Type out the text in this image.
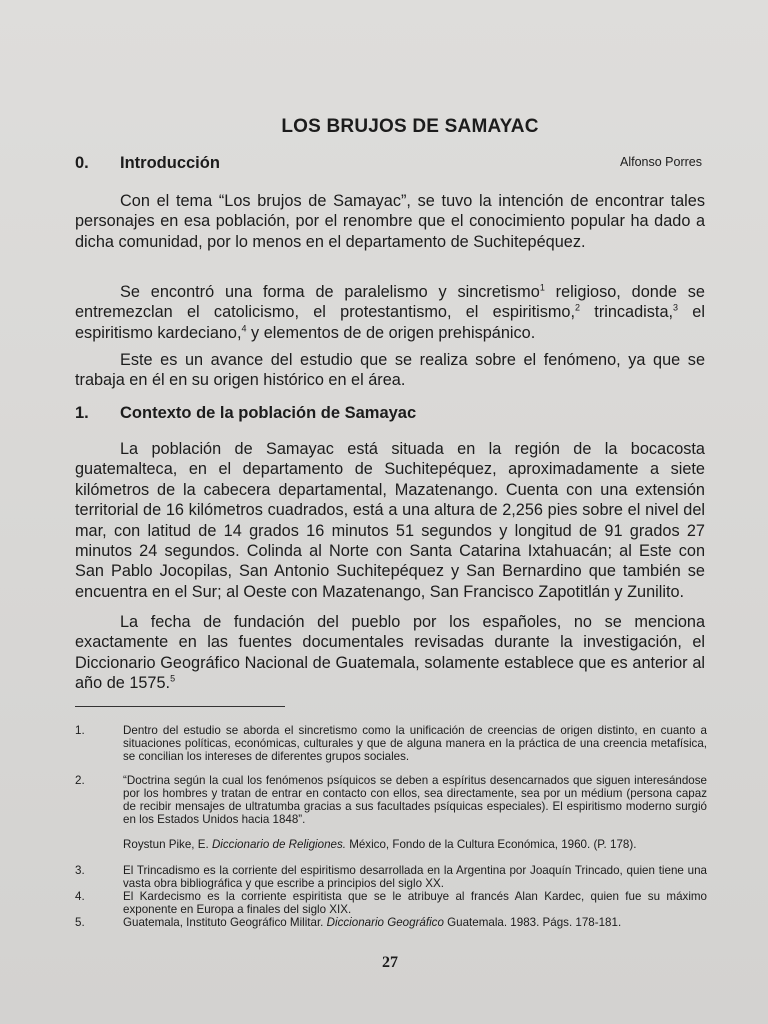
LOS BRUJOS DE SAMAYAC
0. Introducción	Alfonso Porres
Con el tema “Los brujos de Samayac”, se tuvo la intención de encontrar tales personajes en esa población, por el renombre que el conocimiento popular ha dado a dicha comunidad, por lo menos en el departamento de Suchitepéquez.
Se encontró una forma de paralelismo y sincretismo$^1$ religioso, donde se entremezclan el catolicismo, el protestantismo, el espiritismo,$^2$ trincadista,$^3$ el espiritismo kardeciano,$^4$ y elementos de de origen prehispánico.
Este es un avance del estudio que se realiza sobre el fenómeno, ya que se trabaja en él en su origen histórico en el área.
1. Contexto de la población de Samayac
La población de Samayac está situada en la región de la bocacosta guatemalteca, en el departamento de Suchitepéquez, aproximadamente a siete kilómetros de la cabecera departamental, Mazatenango. Cuenta con una extensión territorial de 16 kilómetros cuadrados, está a una altura de 2,256 pies sobre el nivel del mar, con latitud de 14 grados 16 minutos 51 segundos y longitud de 91 grados 27 minutos 24 segundos. Colinda al Norte con Santa Catarina Ixtahuacán; al Este con San Pablo Jocopilas, San Antonio Suchitepéquez y San Bernardino que también se encuentra en el Sur; al Oeste con Mazatenango, San Francisco Zapotitlán y Zunilito.
La fecha de fundación del pueblo por los españoles, no se menciona exactamente en las fuentes documentales revisadas durante la investigación, el Diccionario Geográfico Nacional de Guatemala, solamente establece que es anterior al año de 1575.$^5$
1.	Dentro del estudio se aborda el sincretismo como la unificación de creencias de origen distinto, en cuanto a situaciones políticas, económicas, culturales y que de alguna manera en la práctica de una creencia metafísica, se concilian los intereses de diferentes grupos sociales.
2.	“Doctrina según la cual los fenómenos psíquicos se deben a espíritus desencarnados que siguen interesándose por los hombres y tratan de entrar en contacto con ellos, sea directamente, sea por un médium (persona capaz de recibir mensajes de ultratumba gracias a sus facultades psíquicas especiales). El espiritismo moderno surgió en los Estados Unidos hacia 1848”.
Roystun Pike, E. Diccionario de Religiones. México, Fondo de la Cultura Económica, 1960. (P. 178).
3.	El Trincadismo es la corriente del espiritismo desarrollada en la Argentina por Joaquín Trincado, quien tiene una vasta obra bibliográfica y que escribe a principios del siglo XX.
4.	El Kardecismo es la corriente espiritista que se le atribuye al francés Alan Kardec, quien fue su máximo exponente en Europa a finales del siglo XIX.
5.	Guatemala, Instituto Geográfico Militar. Diccionario Geográfico Guatemala. 1983. Págs. 178-181.
27
